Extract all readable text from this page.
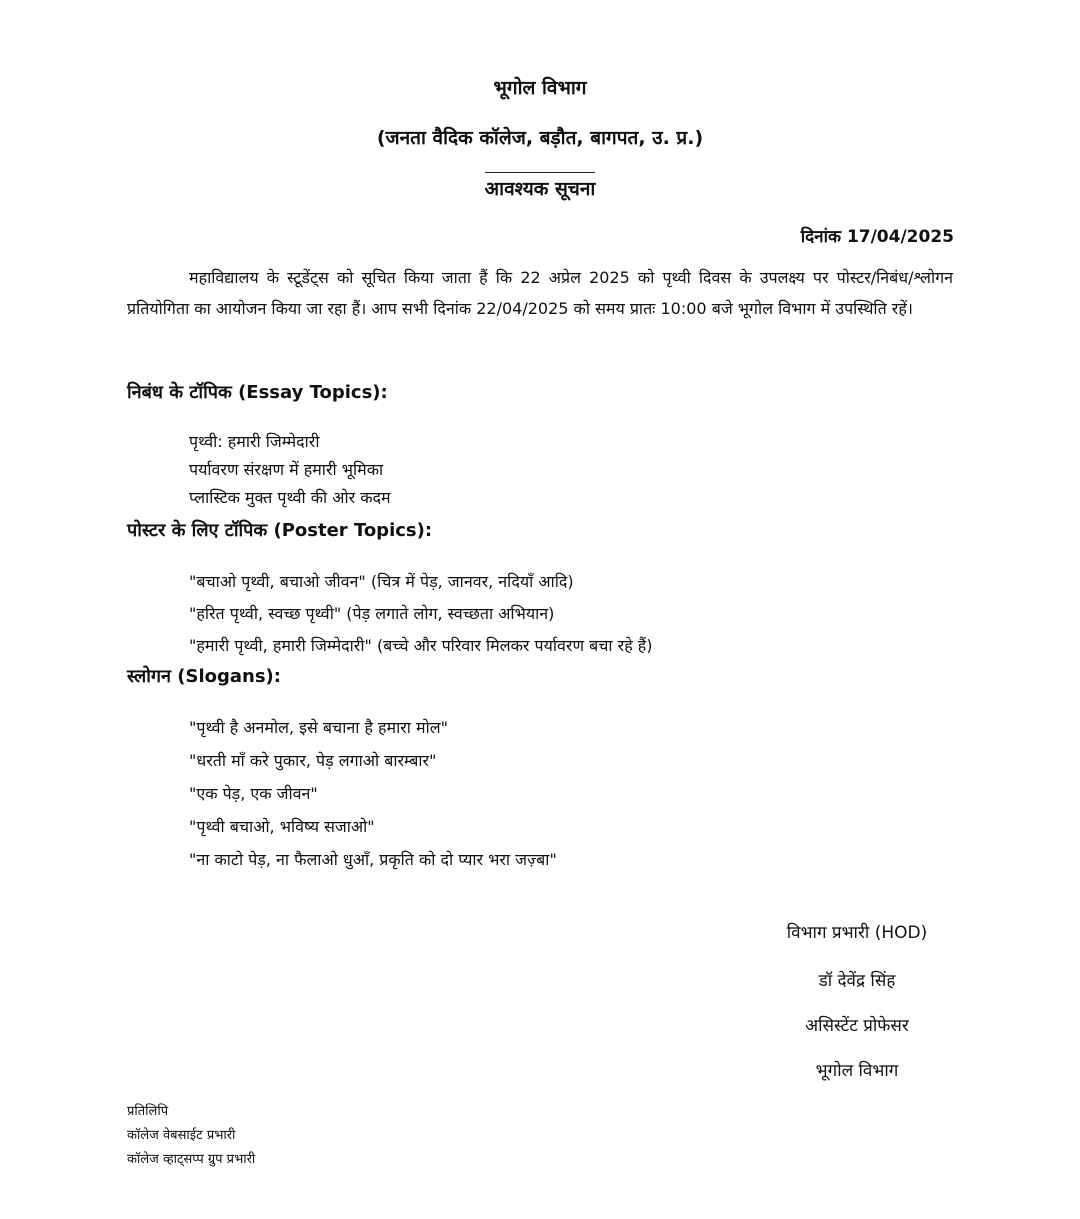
भूगोल विभाग
(जनता वैदिक कॉलेज, बड़ौत, बागपत, उ. प्र.)
आवश्यक सूचना
दिनांक 17/04/2025
महाविद्यालय के स्टूडेंट्स को सूचित किया जाता हैं कि 22 अप्रेल 2025 को पृथ्वी दिवस के उपलक्ष्य पर पोस्टर/निबंध/श्लोगन प्रतियोगिता का आयोजन किया जा रहा हैं। आप सभी दिनांक 22/04/2025 को समय प्रातः 10:00 बजे भूगोल विभाग में उपस्थिति रहें।
निबंध के टॉपिक (Essay Topics):
पृथ्वी: हमारी जिम्मेदारी
पर्यावरण संरक्षण में हमारी भूमिका
प्लास्टिक मुक्त पृथ्वी की ओर कदम
पोस्टर के लिए टॉपिक (Poster Topics):
"बचाओ पृथ्वी, बचाओ जीवन" (चित्र में पेड़, जानवर, नदियाँ आदि)
"हरित पृथ्वी, स्वच्छ पृथ्वी" (पेड़ लगाते लोग, स्वच्छता अभियान)
"हमारी पृथ्वी, हमारी जिम्मेदारी" (बच्चे और परिवार मिलकर पर्यावरण बचा रहे हैं)
स्लोगन (Slogans):
"पृथ्वी है अनमोल, इसे बचाना है हमारा मोल"
"धरती माँ करे पुकार, पेड़ लगाओ बारम्बार"
"एक पेड़, एक जीवन"
"पृथ्वी बचाओ, भविष्य सजाओ"
"ना काटो पेड़, ना फैलाओ धुआँ, प्रकृति को दो प्यार भरा जज़्बा"
विभाग प्रभारी (HOD)
डॉ देवेंद्र सिंह
असिस्टेंट प्रोफेसर
भूगोल विभाग
प्रतिलिपि
कॉलेज वेबसाईट प्रभारी
कॉलेज व्हाट्सप्प ग्रुप प्रभारी
